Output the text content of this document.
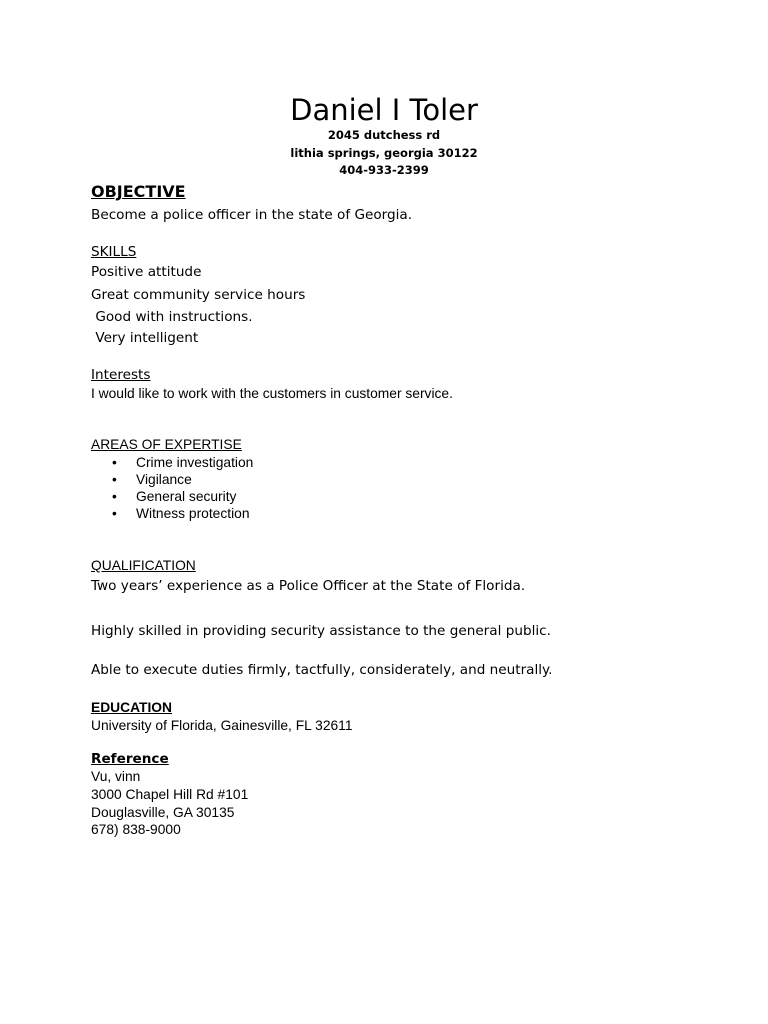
Daniel I Toler

2045 dutchess rd

lithia springs, georgia 30122

404-933-2399

OBJECTIVE

Become a police officer in the state of Georgia.

SKILLS

Positive attitude

Great community service hours

Good with instructions.

Very intelligent

Interests

I would like to work with the customers in customer service.

AREAS OF EXPERTISE

• Crime investigation
• Vigilance
• General security
• Witness protection

QUALIFICATION

Two years’ experience as a Police Officer at the State of Florida.

Highly skilled in providing security assistance to the general public.

Able to execute duties firmly, tactfully, considerately, and neutrally.

EDUCATION

University of Florida, Gainesville, FL 32611

Reference

Vu, vinn

3000 Chapel Hill Rd #101

Douglasville, GA 30135

678) 838-9000
